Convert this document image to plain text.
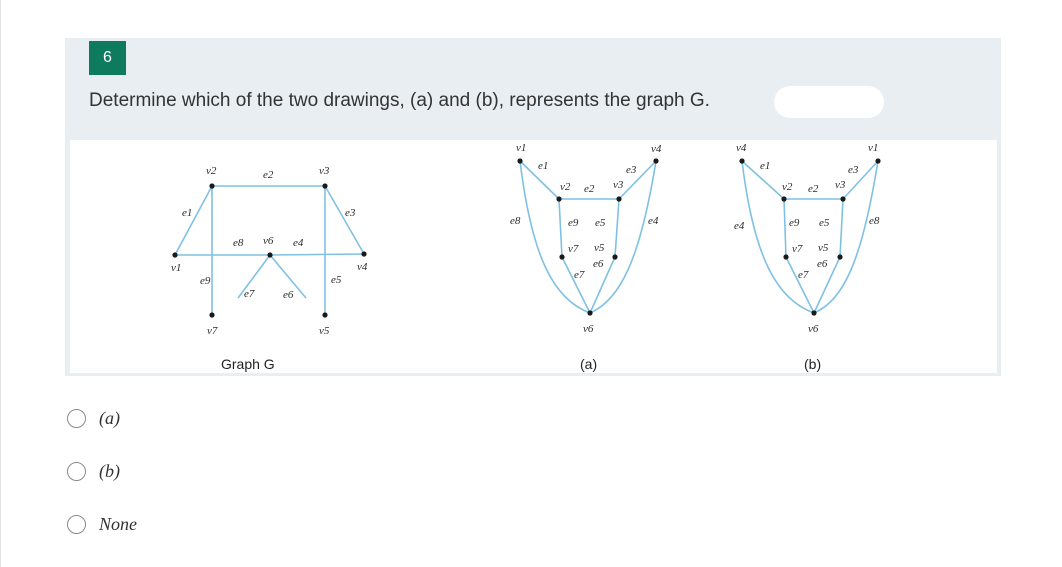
6
Determine which of the two drawings, (a) and (b), represents the graph G.
v2	v3
v1	v4
v6
v7	v5
e1
e2
e3
e4
e5
e6
e7
e8
e9
Graph G
v1
v2	v3
v4
v7 v5
v6
e1
e2
e3
e4
e5
e6
e7
e8	e9
(a)
v4
v2	v3
v1
v7 v5
v6
e1
e2
e3
e4	e5
e6
e7
e8
e9
(b)
(a)
(b)
None
